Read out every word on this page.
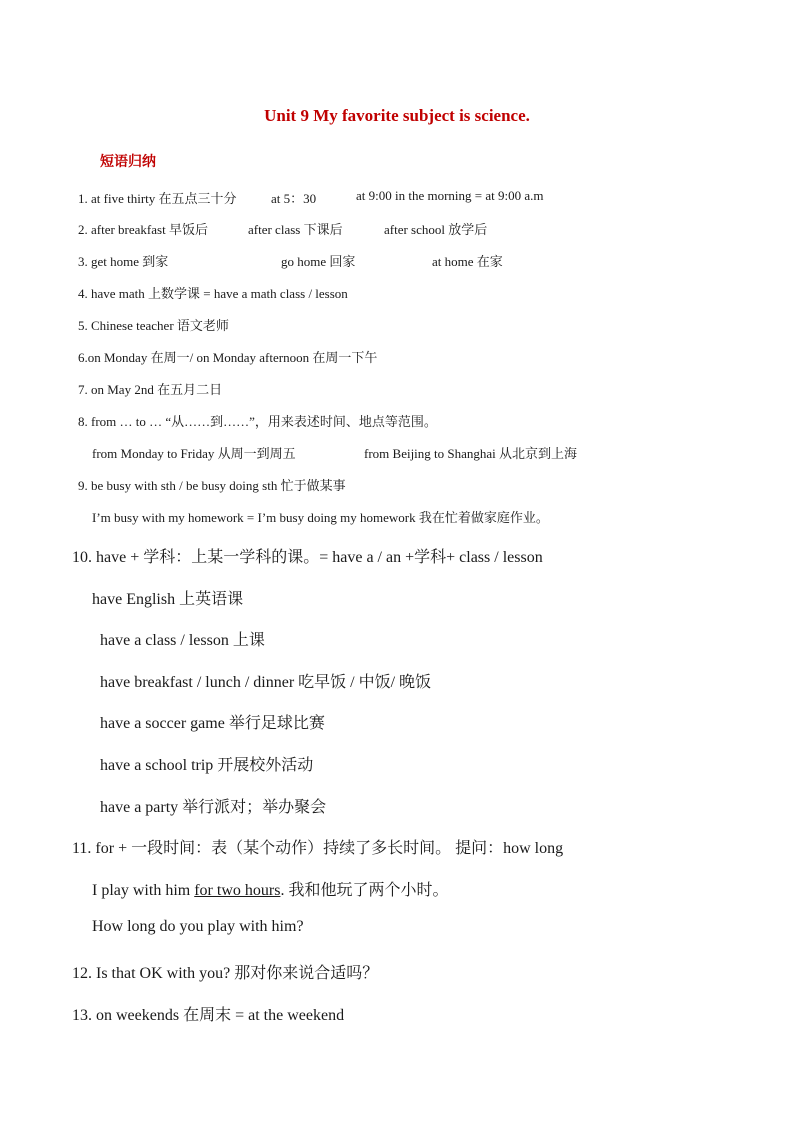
Unit 9 My favorite subject is science.
短语归纳
1. at five thirty 在五点三十分	at 5：30	at 9:00 in the morning = at 9:00 a.m
2. after breakfast 早饭后	after class 下课后	after school 放学后
3. get home 到家	go home 回家	at home 在家
4. have math 上数学课 = have a math class / lesson
5. Chinese teacher 语文老师
6.on Monday 在周一/ on Monday afternoon 在周一下午
7. on May 2nd 在五月二日
8. from … to … “从……到……”，用来表述时间、地点等范围。
from Monday to Friday 从周一到周五	from Beijing to Shanghai 从北京到上海
9. be busy with sth / be busy doing sth 忙于做某事
I’m busy with my homework = I’m busy doing my homework 我在忙着做家庭作业。
10. have + 学科：上某一学科的课。= have a / an +学科+ class / lesson
have English 上英语课
have a class / lesson 上课
have breakfast / lunch / dinner 吃早饭 / 中饭/ 晚饭
have a soccer game 举行足球比赛
have a school trip 开展校外活动
have a party 举行派对；举办聚会
11. for + 一段时间：表（某个动作）持续了多长时间。 提问：how long
I play with him for two hours. 我和他玩了两个小时。
How long do you play with him?
12. Is that OK with you? 那对你来说合适吗？
13. on weekends 在周末 = at the weekend
